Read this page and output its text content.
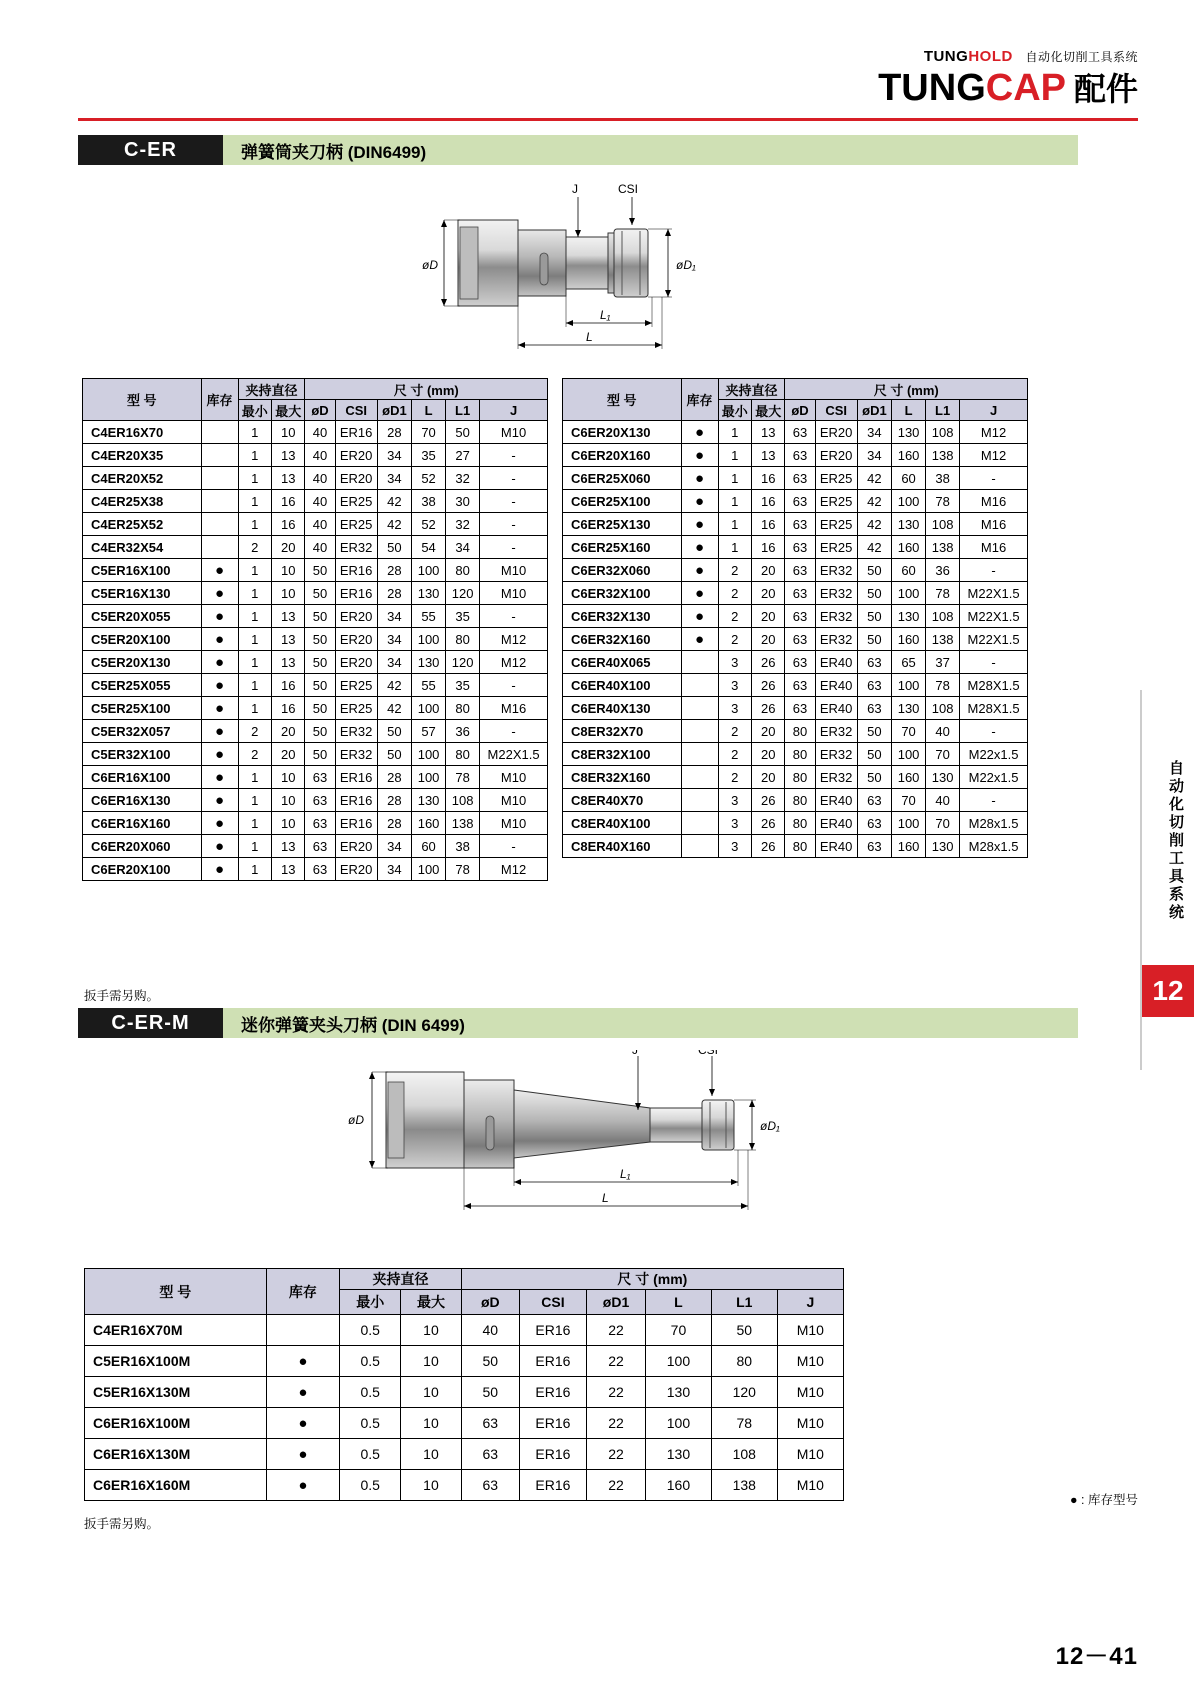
TUNGHOLD 自动化切削工具系统
TUNGCAP 配件
C-ER	弹簧筒夹刀柄 (DIN6499)
J	CSI
øD	øD₁
L₁
L
型 号	库存	夹持直径		尺 寸 (mm)					
		最小	最大	øD	CSI	øD1	L	L1	J

C4ER16X70		1	10	40	ER16	28	70	50	M10
C4ER20X35		1	13	40	ER20	34	35	27	-
C4ER20X52		1	13	40	ER20	34	52	32	-
C4ER25X38		1	16	40	ER25	42	38	30	-
C4ER25X52		1	16	40	ER25	42	52	32	-
C4ER32X54		2	20	40	ER32	50	54	34	-
C5ER16X100	●	1	10	50	ER16	28	100	80	M10
C5ER16X130	●	1	10	50	ER16	28	130	120	M10
C5ER20X055	●	1	13	50	ER20	34	55	35	-
C5ER20X100	●	1	13	50	ER20	34	100	80	M12
C5ER20X130	●	1	13	50	ER20	34	130	120	M12
C5ER25X055	●	1	16	50	ER25	42	55	35	-
C5ER25X100	●	1	16	50	ER25	42	100	80	M16
C5ER32X057	●	2	20	50	ER32	50	57	36	-
C5ER32X100	●	2	20	50	ER32	50	100	80	M22X1.5
C6ER16X100	●	1	10	63	ER16	28	100	78	M10
C6ER16X130	●	1	10	63	ER16	28	130	108	M10
C6ER16X160	●	1	10	63	ER16	28	160	138	M10
C6ER20X060	●	1	13	63	ER20	34	60	38	-
C6ER20X100	●	1	13	63	ER20	34	100	78	M12
型 号	库存	夹持直径		尺 寸 (mm)					
		最小	最大	øD	CSI	øD1	L	L1	J

C6ER20X130	●	1	13	63	ER20	34	130	108	M12
C6ER20X160	●	1	13	63	ER20	34	160	138	M12
C6ER25X060	●	1	16	63	ER25	42	60	38	-
C6ER25X100	●	1	16	63	ER25	42	100	78	M16
C6ER25X130	●	1	16	63	ER25	42	130	108	M16
C6ER25X160	●	1	16	63	ER25	42	160	138	M16
C6ER32X060	●	2	20	63	ER32	50	60	36	-
C6ER32X100	●	2	20	63	ER32	50	100	78	M22X1.5
C6ER32X130	●	2	20	63	ER32	50	130	108	M22X1.5
C6ER32X160	●	2	20	63	ER32	50	160	138	M22X1.5
C6ER40X065		3	26	63	ER40	63	65	37	-
C6ER40X100		3	26	63	ER40	63	100	78	M28X1.5
C6ER40X130		3	26	63	ER40	63	130	108	M28X1.5
C8ER32X70		2	20	80	ER32	50	70	40	-
C8ER32X100		2	20	80	ER32	50	100	70	M22x1.5
C8ER32X160		2	20	80	ER32	50	160	130	M22x1.5
C8ER40X70		3	26	80	ER40	63	70	40	-
C8ER40X100		3	26	80	ER40	63	100	70	M28x1.5
C8ER40X160		3	26	80	ER40	63	160	130	M28x1.5
扳手需另购。
C-ER-M	迷你弹簧夹头刀柄 (DIN 6499)
J	CSI
øD	øD₁
L₁
L
型 号	库存	夹持直径		尺 寸 (mm)					
		最小	最大	øD	CSI	øD1	L	L1	J

C4ER16X70M		0.5	10	40	ER16	22	70	50	M10
C5ER16X100M	●	0.5	10	50	ER16	22	100	80	M10
C5ER16X130M	●	0.5	10	50	ER16	22	130	120	M10
C6ER16X100M	●	0.5	10	63	ER16	22	100	78	M10
C6ER16X130M	●	0.5	10	63	ER16	22	130	108	M10
C6ER16X160M	●	0.5	10	63	ER16	22	160	138	M10
● : 库存型号
扳手需另购。
自动化切削工具系统
12
12－41
